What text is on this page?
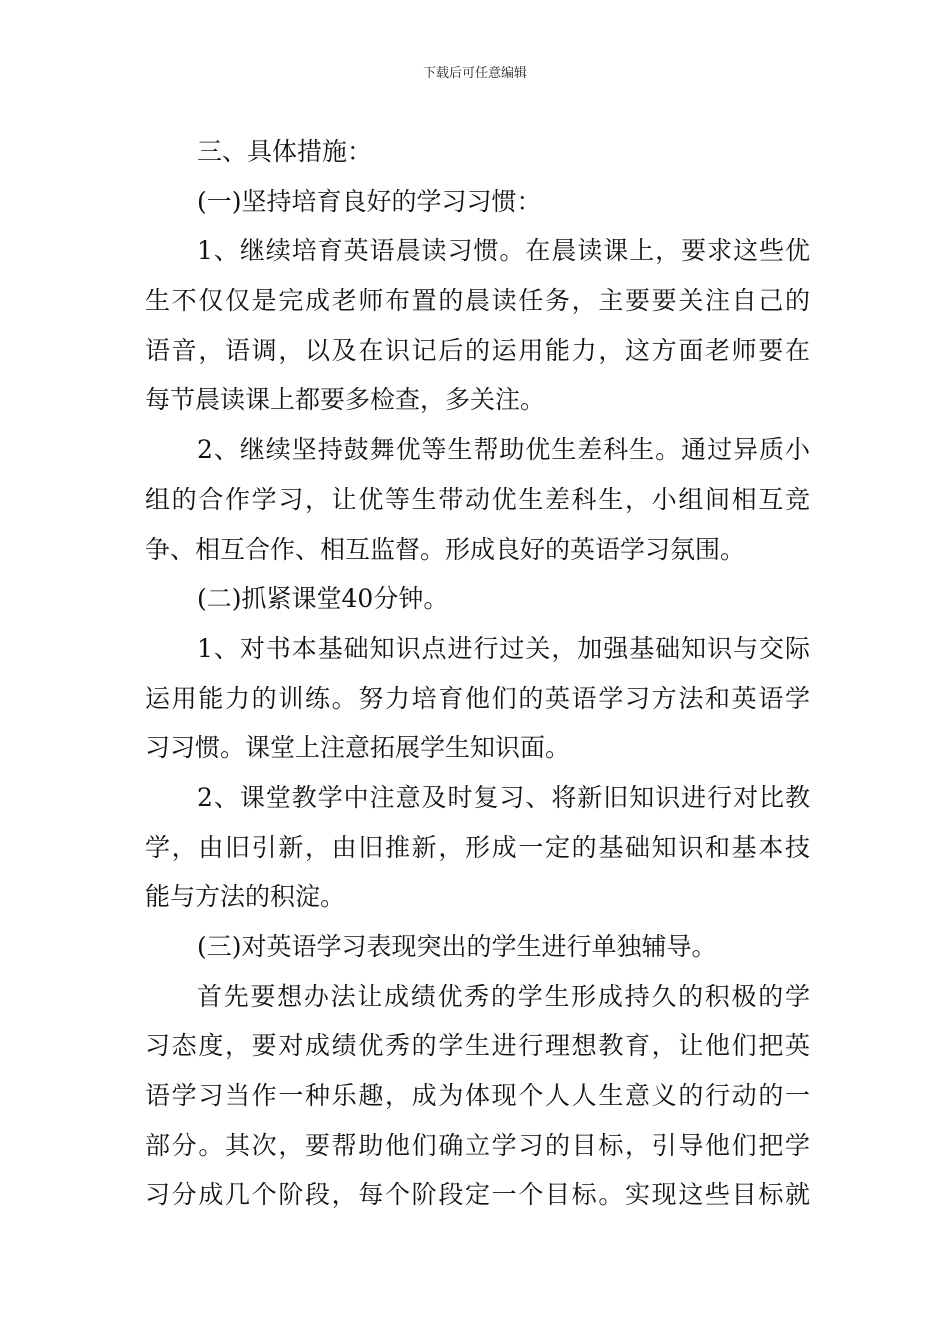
下载后可任意编辑
三、具体措施：
(一)坚持培育良好的学习习惯：
1、继续培育英语晨读习惯。在晨读课上，要求这些优
生不仅仅是完成老师布置的晨读任务，主要要关注自己的
语音，语调，以及在识记后的运用能力，这方面老师要在
每节晨读课上都要多检查，多关注。
2、继续坚持鼓舞优等生帮助优生差科生。通过异质小
组的合作学习，让优等生带动优生差科生，小组间相互竞
争、相互合作、相互监督。形成良好的英语学习氛围。
(二)抓紧课堂40分钟。
1、对书本基础知识点进行过关，加强基础知识与交际
运用能力的训练。努力培育他们的英语学习方法和英语学
习习惯。课堂上注意拓展学生知识面。
2、课堂教学中注意及时复习、将新旧知识进行对比教
学，由旧引新，由旧推新，形成一定的基础知识和基本技
能与方法的积淀。
(三)对英语学习表现突出的学生进行单独辅导。
首先要想办法让成绩优秀的学生形成持久的积极的学
习态度，要对成绩优秀的学生进行理想教育，让他们把英
语学习当作一种乐趣，成为体现个人人生意义的行动的一
部分。其次，要帮助他们确立学习的目标，引导他们把学
习分成几个阶段，每个阶段定一个目标。实现这些目标就
